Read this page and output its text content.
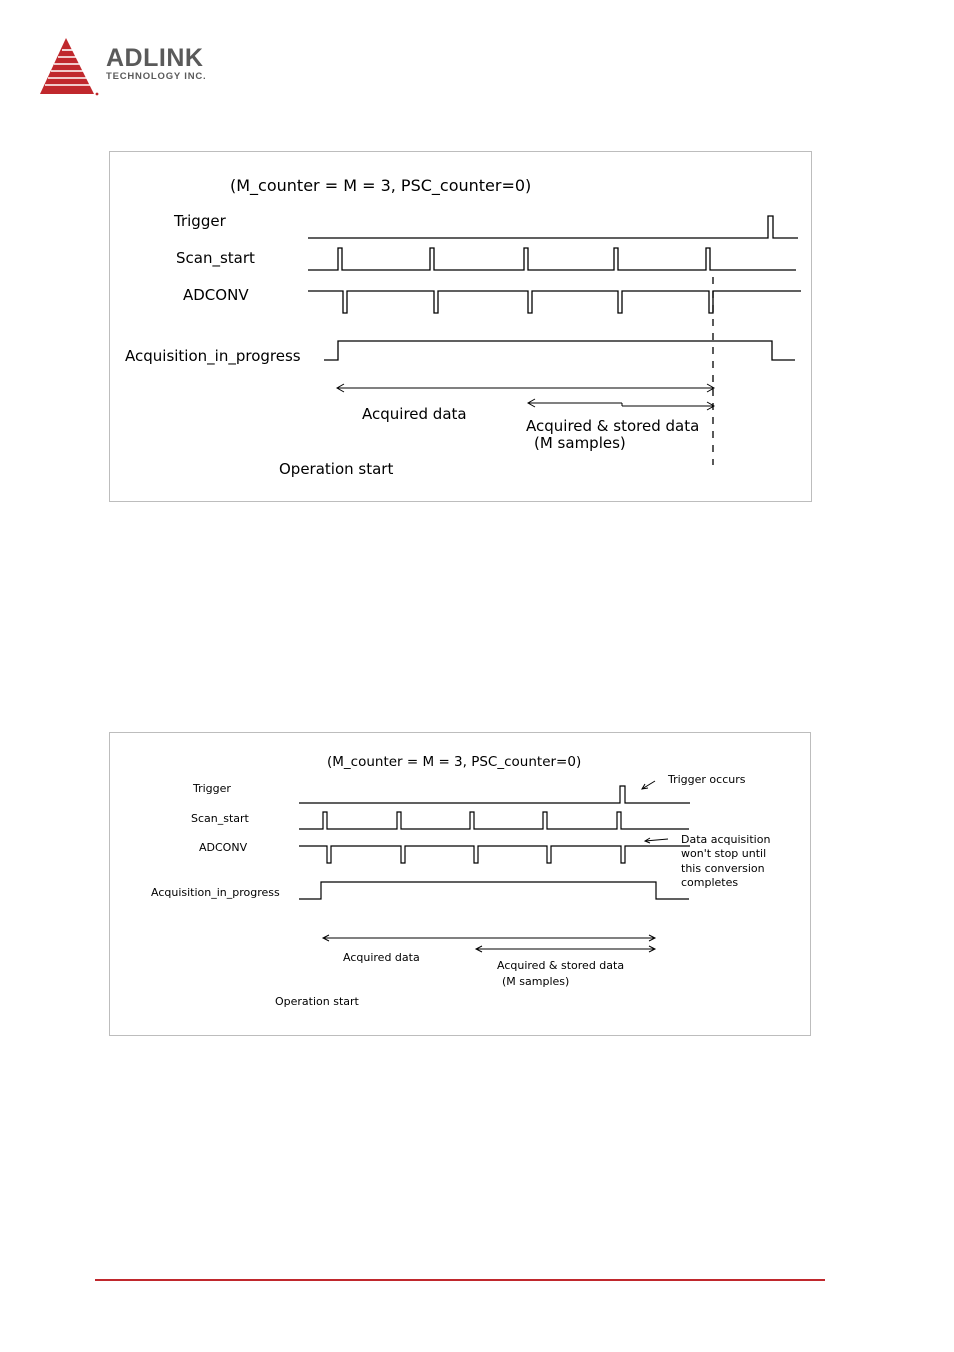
ADLINK
TECHNOLOGY INC.
(M_counter = M = 3, PSC_counter=0)
Trigger
Scan_start
ADCONV
Acquisition_in_progress
Acquired data
Acquired & stored data
(M samples)
Operation start
(M_counter = M = 3, PSC_counter=0)
Trigger
Scan_start
ADCONV
Acquisition_in_progress
Trigger occurs
Data acquisition
won't stop until
this conversion
completes
Acquired data
Acquired & stored data
(M samples)
Operation start
